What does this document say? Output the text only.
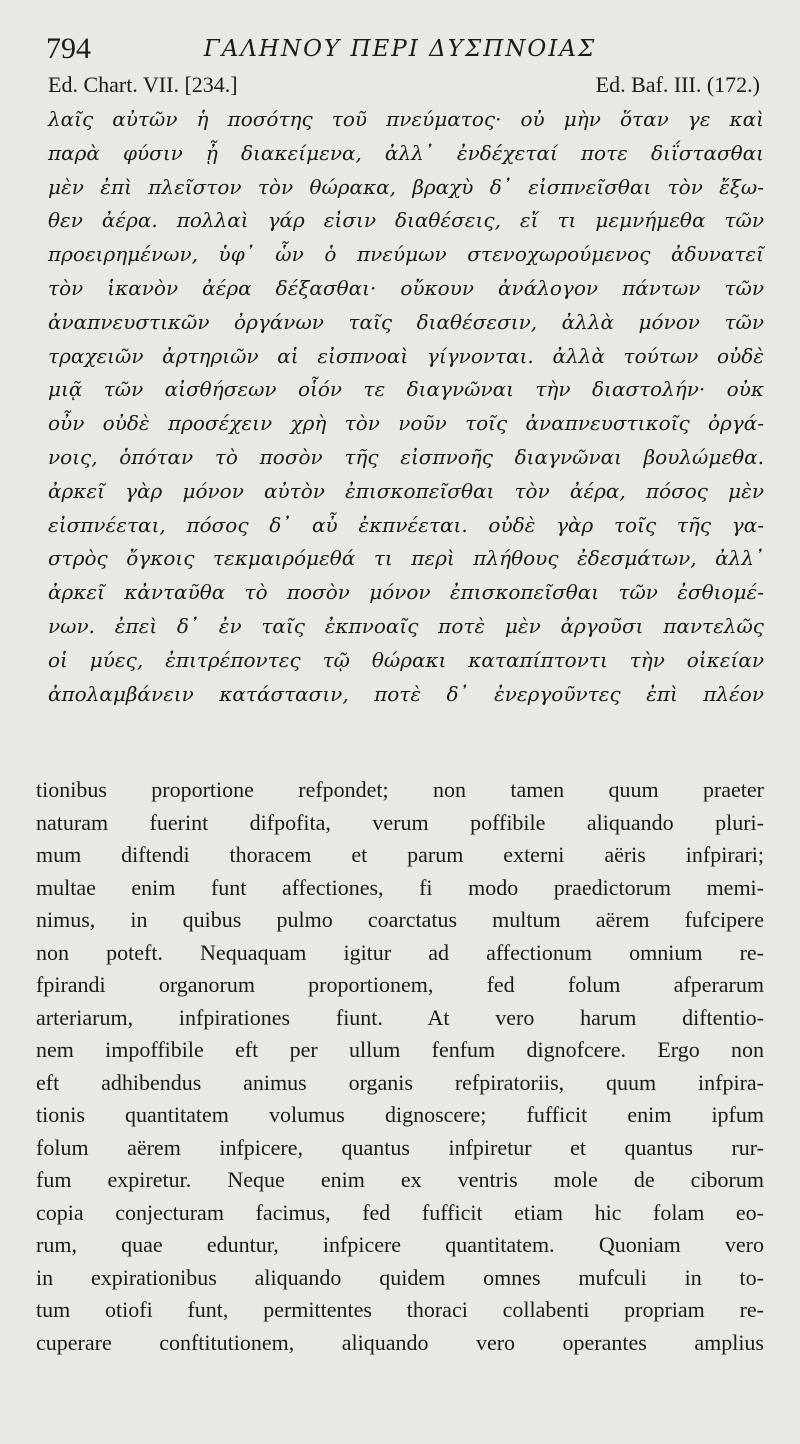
794	ΓΑΛΗΝΟΥ ΠΕΡΙ ΔΥΣΠΝΟΙΑΣ
Ed. Chart. VII. [234.]	Ed. Baf. III. (172.)
λαῖς αὐτῶν ἡ ποσότης τοῦ πνεύματος· οὐ μὴν ὅταν γε καὶ
παρὰ φύσιν ᾖ διακείμενα, ἀλλ᾽ ἐνδέχεταί ποτε διΐστασθαι
μὲν ἐπὶ πλεῖστον τὸν θώρακα, βραχὺ δ᾽ εἰσπνεῖσθαι τὸν ἔξω-
θεν ἀέρα. πολλαὶ γάρ εἰσιν διαθέσεις, εἴ τι μεμνήμεθα τῶν
προειρημένων, ὑφ᾽ ὧν ὁ πνεύμων στενοχωρούμενος ἀδυνατεῖ
τὸν ἱκανὸν ἀέρα δέξασθαι· οὔκουν ἀνάλογον πάντων τῶν
ἀναπνευστικῶν ὀργάνων ταῖς διαθέσεσιν, ἀλλὰ μόνον τῶν
τραχειῶν ἀρτηριῶν αἱ εἰσπνοαὶ γίγνονται. ἀλλὰ τούτων οὐδὲ
μιᾷ τῶν αἰσθήσεων οἷόν τε διαγνῶναι τὴν διαστολήν· οὐκ
οὖν οὐδὲ προσέχειν χρὴ τὸν νοῦν τοῖς ἀναπνευστικοῖς ὀργά-
νοις, ὁπόταν τὸ ποσὸν τῆς εἰσπνοῆς διαγνῶναι βουλώμεθα.
ἀρκεῖ γὰρ μόνον αὐτὸν ἐπισκοπεῖσθαι τὸν ἀέρα, πόσος μὲν
εἰσπνέεται, πόσος δ᾽ αὖ ἐκπνέεται. οὐδὲ γὰρ τοῖς τῆς γα-
στρὸς ὄγκοις τεκμαιρόμεθά τι περὶ πλήθους ἐδεσμάτων, ἀλλ᾽
ἀρκεῖ κἀνταῦθα τὸ ποσὸν μόνον ἐπισκοπεῖσθαι τῶν ἐσθιομέ-
νων. ἐπεὶ δ᾽ ἐν ταῖς ἐκπνοαῖς ποτὲ μὲν ἀργοῦσι παντελῶς
οἱ μύες, ἐπιτρέποντες τῷ θώρακι καταπίπτοντι τὴν οἰκείαν
ἀπολαμβάνειν κατάστασιν, ποτὲ δ᾽ ἐνεργοῦντες ἐπὶ πλέον
tionibus proportione refpondet; non tamen quum praeter
naturam fuerint difpofita, verum poffibile aliquando pluri-
mum diftendi thoracem et parum externi aëris infpirari;
multae enim funt affectiones, fi modo praedictorum memi-
nimus, in quibus pulmo coarctatus multum aërem fufcipere
non poteft. Nequaquam igitur ad affectionum omnium re-
fpirandi organorum proportionem, fed folum afperarum
arteriarum, infpirationes fiunt. At vero harum diftentio-
nem impoffibile eft per ullum fenfum dignofcere. Ergo non
eft adhibendus animus organis refpiratoriis, quum infpira-
tionis quantitatem volumus dignoscere; fufficit enim ipfum
folum aërem infpicere, quantus infpiretur et quantus rur-
fum expiretur. Neque enim ex ventris mole de ciborum
copia conjecturam facimus, fed fufficit etiam hic folam eo-
rum, quae eduntur, infpicere quantitatem. Quoniam vero
in expirationibus aliquando quidem omnes mufculi in to-
tum otiofi funt, permittentes thoraci collabenti propriam re-
cuperare conftitutionem, aliquando vero operantes amplius
